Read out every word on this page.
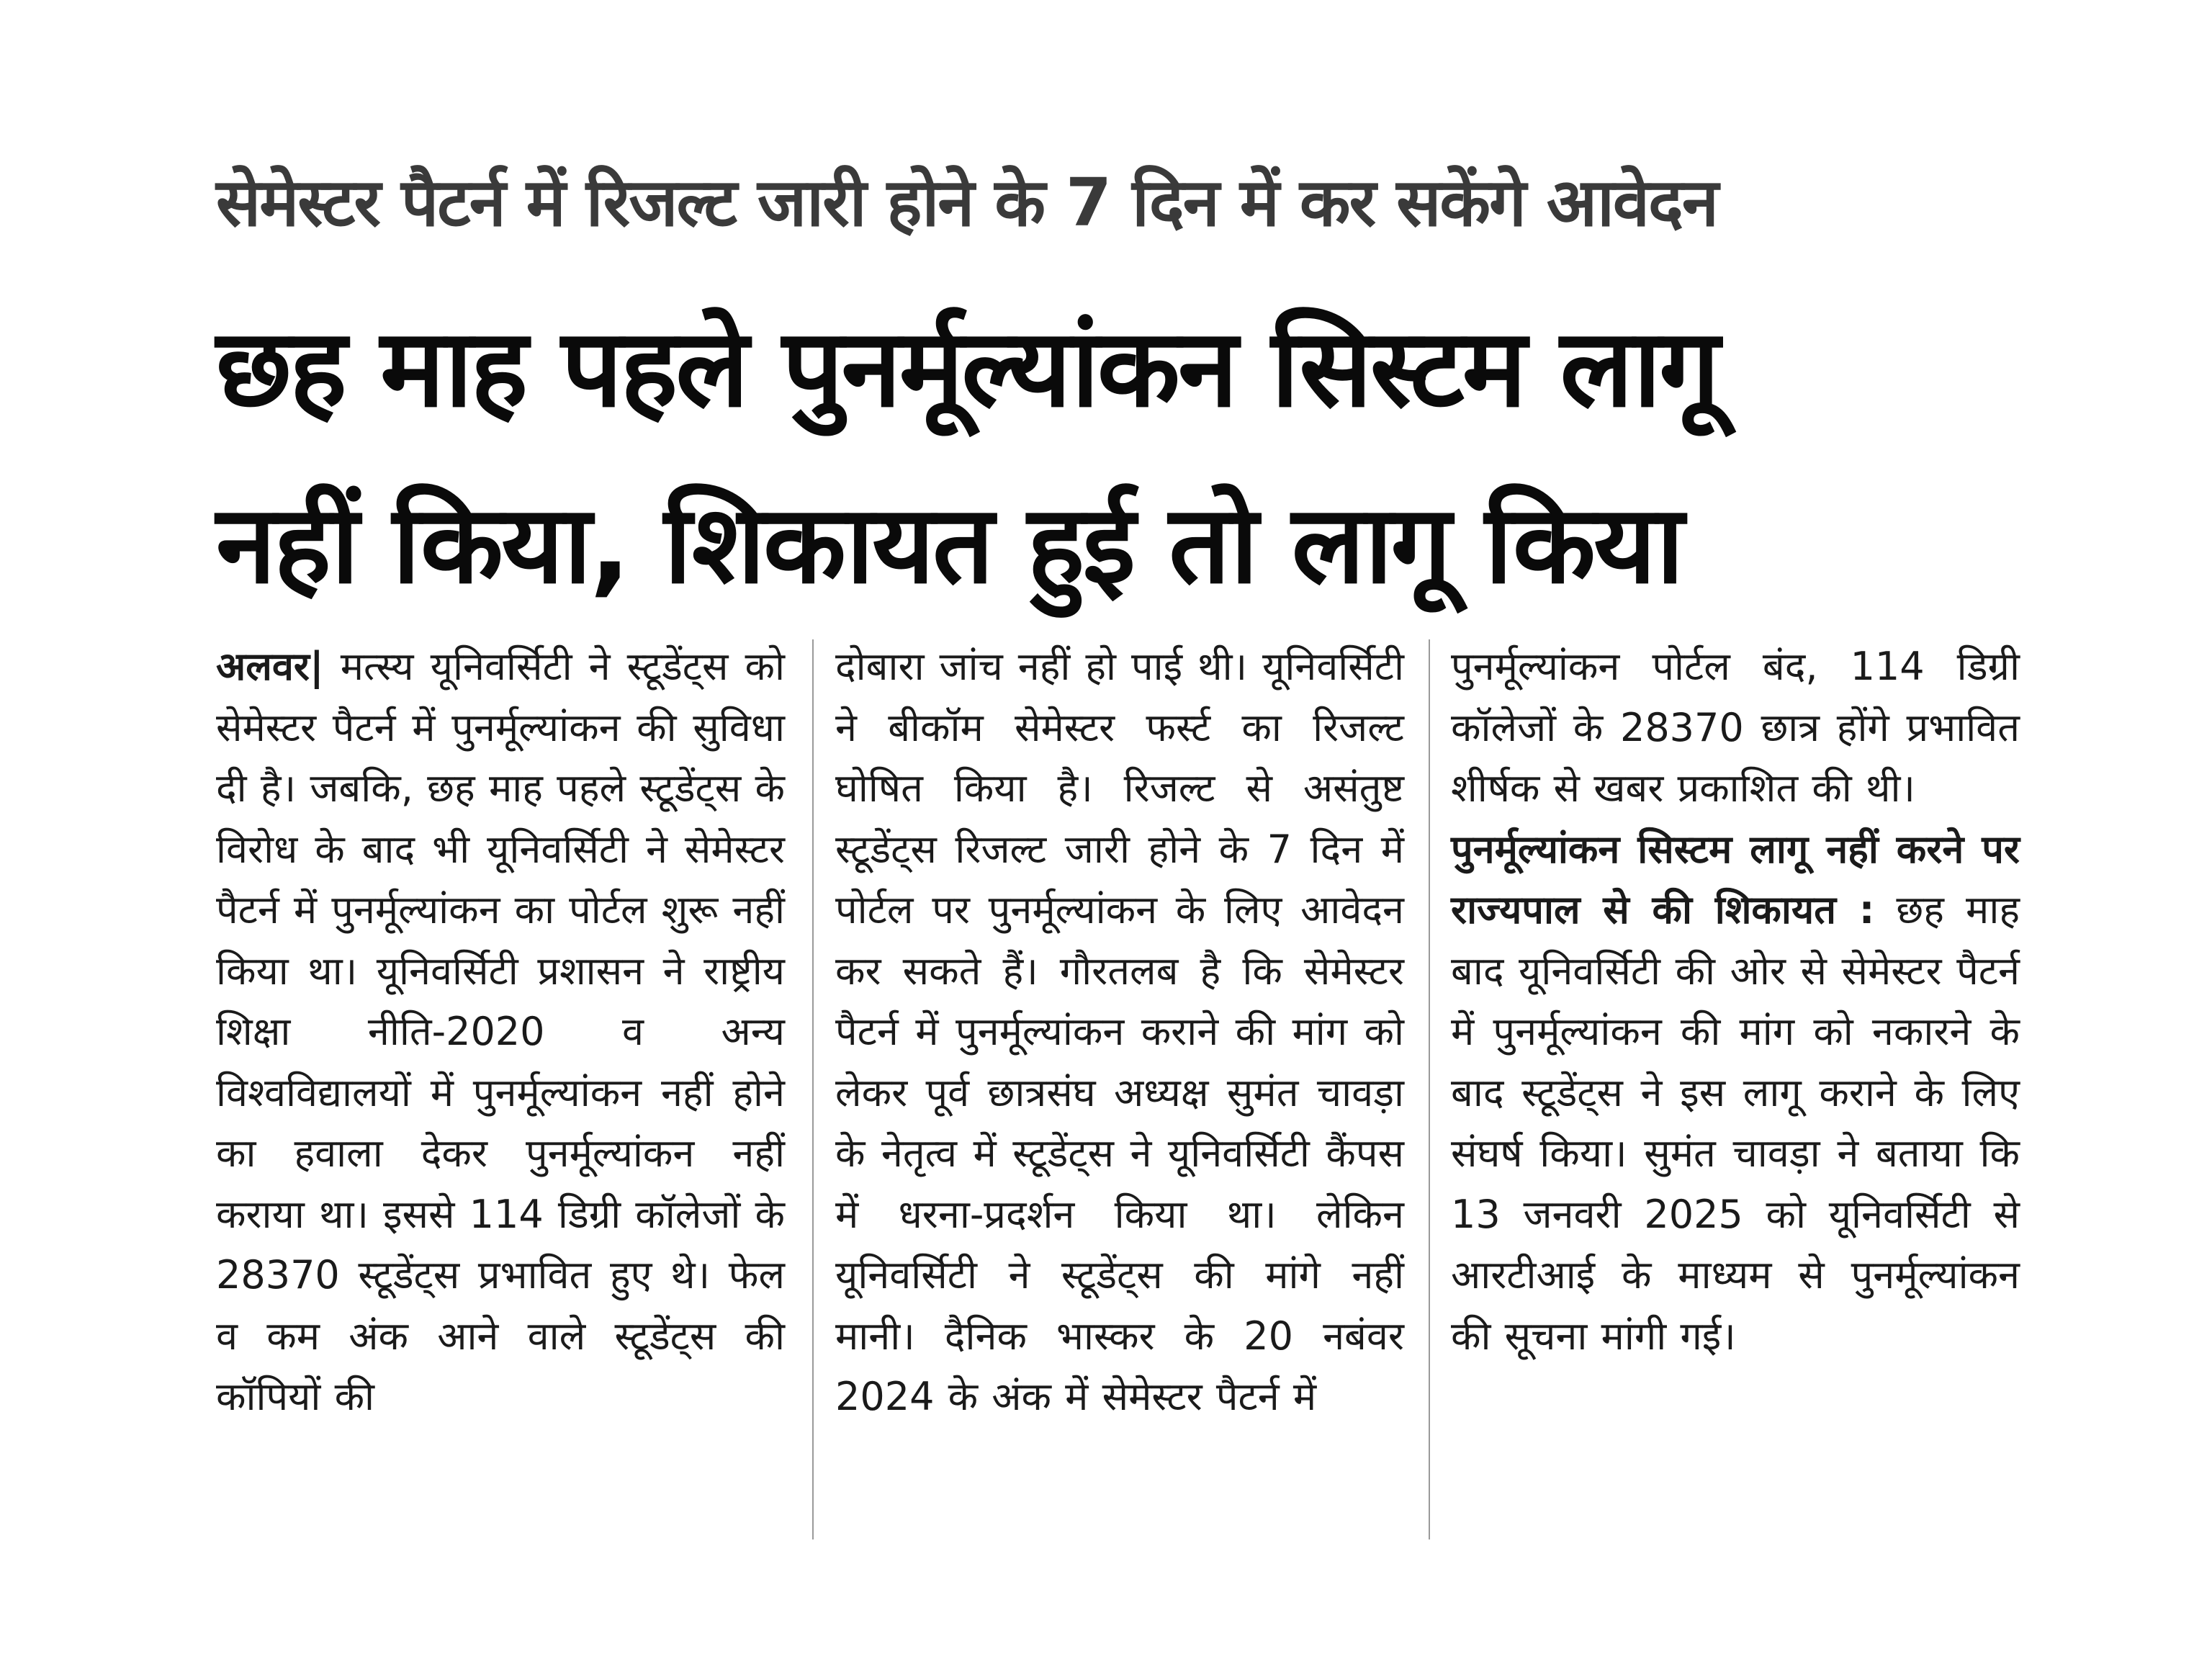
सेमेस्टर पैटर्न में रिजल्ट जारी होने के 7 दिन में कर सकेंगे आवेदन
छह माह पहले पुनर्मूल्यांकन सिस्टम लागू
नहीं किया, शिकायत हुई तो लागू किया
अलवर| मत्स्य यूनिवर्सिटी ने स्टूडेंट्स को सेमेस्टर पैटर्न में पुनर्मूल्यांकन की सुविधा दी है। जबकि, छह माह पहले स्टूडेंट्स के विरोध के बाद भी यूनिवर्सिटी ने सेमेस्टर पैटर्न में पुनर्मूल्यांकन का पोर्टल शुरू नहीं किया था। यूनिवर्सिटी प्रशासन ने राष्ट्रीय शिक्षा नीति-2020 व अन्य विश्वविद्यालयों में पुनर्मूल्यांकन नहीं होने का हवाला देकर पुनर्मूल्यांकन नहीं कराया था। इससे 114 डिग्री कॉलेजों के 28370 स्टूडेंट्स प्रभावित हुए थे। फेल व कम अंक आने वाले स्टूडेंट्स की कॉपियों की
दोबारा जांच नहीं हो पाई थी। यूनिवर्सिटी ने बीकॉम सेमेस्टर फर्स्ट का रिजल्ट घोषित किया है। रिजल्ट से असंतुष्ट स्टूडेंट्स रिजल्ट जारी होने के 7 दिन में पोर्टल पर पुनर्मूल्यांकन के लिए आवेदन कर सकते हैं। गौरतलब है कि सेमेस्टर पैटर्न में पुनर्मूल्यांकन कराने की मांग को लेकर पूर्व छात्रसंघ अध्यक्ष सुमंत चावड़ा के नेतृत्व में स्टूडेंट्स ने यूनिवर्सिटी कैंपस में धरना-प्रदर्शन किया था। लेकिन यूनिवर्सिटी ने स्टूडेंट्स की मांगे नहीं मानी। दैनिक भास्कर के 20 नबंवर 2024 के अंक में सेमेस्टर पैटर्न में
पुनर्मूल्यांकन पोर्टल बंद, 114 डिग्री कॉलेजों के 28370 छात्र होंगे प्रभावित शीर्षक से खबर प्रकाशित की थी।
पुनर्मूल्यांकन सिस्टम लागू नहीं करने पर राज्यपाल से की शिकायत : छह माह बाद यूनिवर्सिटी की ओर से सेमेस्टर पैटर्न में पुनर्मूल्यांकन की मांग को नकारने के बाद स्टूडेंट्स ने इस लागू कराने के लिए संघर्ष किया। सुमंत चावड़ा ने बताया कि 13 जनवरी 2025 को यूनिवर्सिटी से आरटीआई के माध्यम से पुनर्मूल्यांकन की सूचना मांगी गई।
